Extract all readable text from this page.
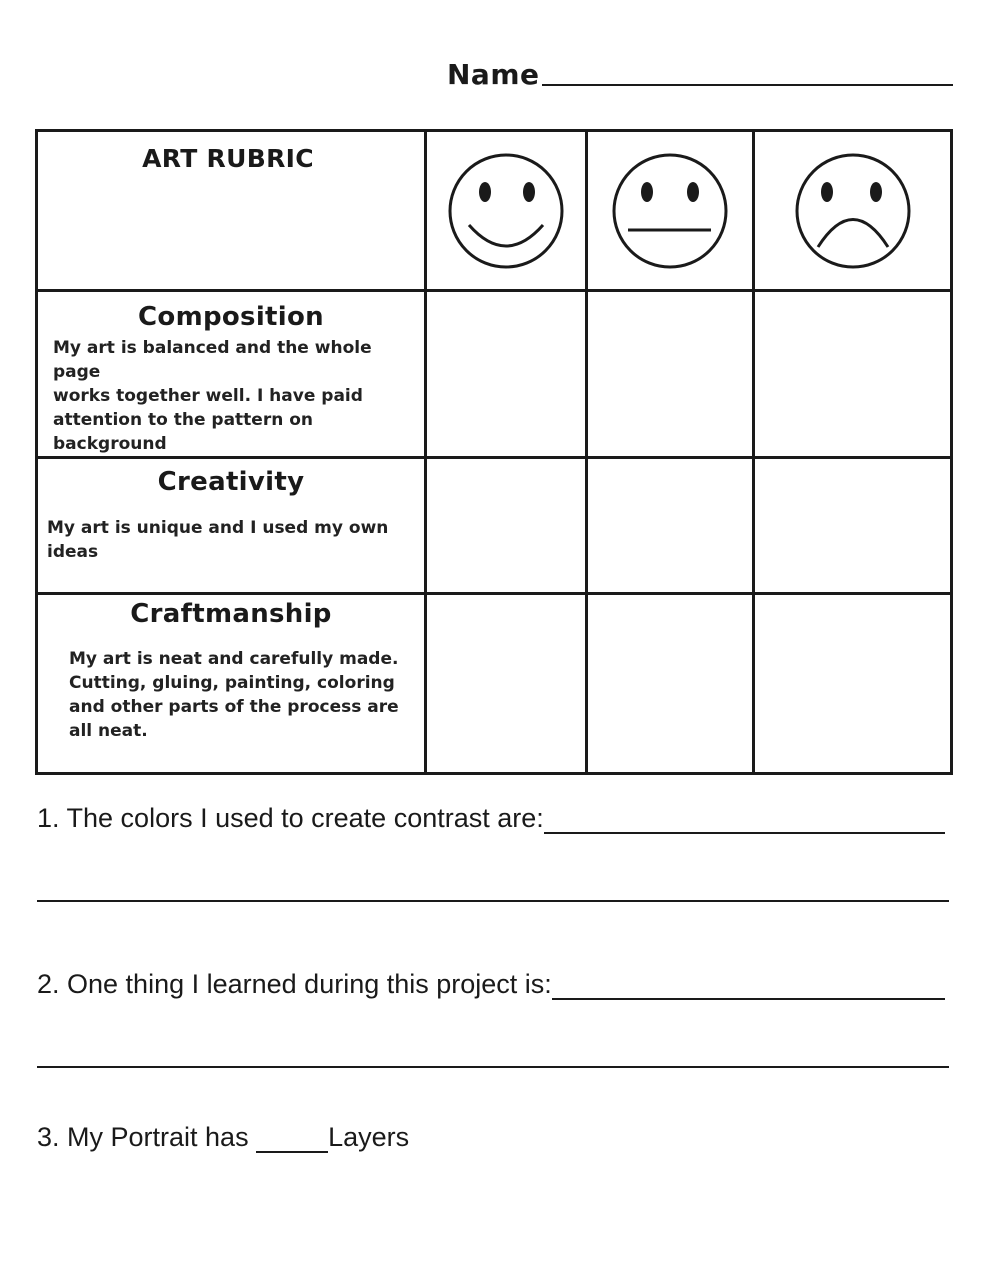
Name
ART RUBRIC

Composition
My art is balanced and the whole page
works together well. I have paid
attention to the pattern on background			

Creativity
My art is unique and I used my own ideas			

Craftmanship
My art is neat and carefully made.
Cutting, gluing, painting, coloring
and other parts of the process are
all neat.			

1. The colors I used to create contrast are:
2. One thing I learned during this project is:
3. My Portrait has	Layers
